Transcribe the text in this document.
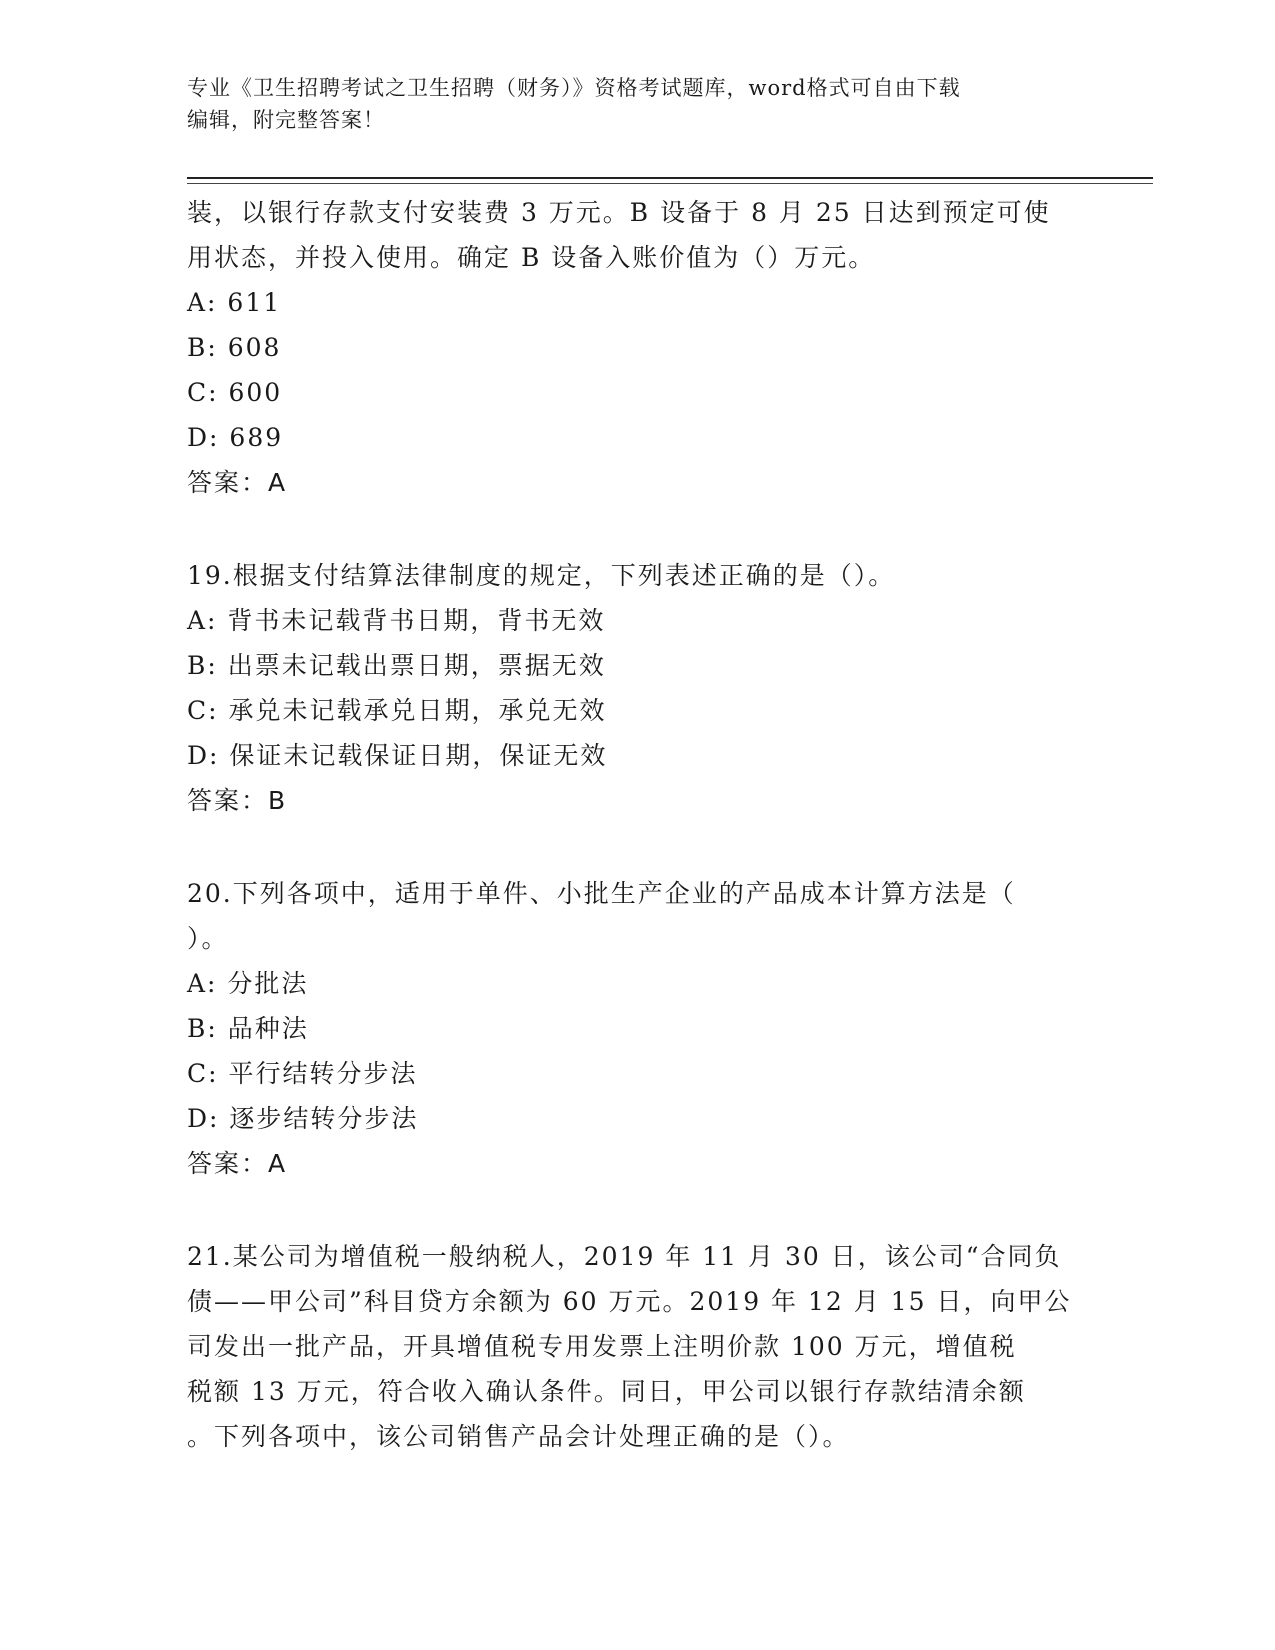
专业《卫生招聘考试之卫生招聘（财务）》资格考试题库，word格式可自由下载
编辑，附完整答案！
装，以银行存款支付安装费 3 万元。B 设备于 8 月 25 日达到预定可使
用状态，并投入使用。确定 B 设备入账价值为（）万元。
A: 611
B: 608
C: 600
D: 689
答案：A
19.根据支付结算法律制度的规定，下列表述正确的是（）。
A: 背书未记载背书日期，背书无效
B: 出票未记载出票日期，票据无效
C: 承兑未记载承兑日期，承兑无效
D: 保证未记载保证日期，保证无效
答案：B
20.下列各项中，适用于单件、小批生产企业的产品成本计算方法是（
）。
A: 分批法
B: 品种法
C: 平行结转分步法
D: 逐步结转分步法
答案：A
21.某公司为增值税一般纳税人，2019 年 11 月 30 日，该公司“合同负
债——甲公司”科目贷方余额为 60 万元。2019 年 12 月 15 日，向甲公
司发出一批产品，开具增值税专用发票上注明价款 100 万元，增值税
税额 13 万元，符合收入确认条件。同日，甲公司以银行存款结清余额
。下列各项中，该公司销售产品会计处理正确的是（）。
